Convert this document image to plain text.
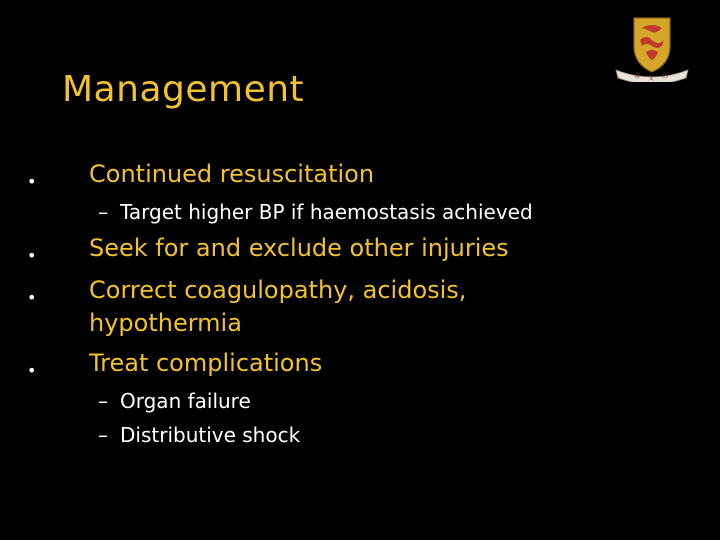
Management	博 文 約
• Continued resuscitation
– Target higher BP if haemostasis achieved
• Seek for and exclude other injuries
• Correct coagulopathy, acidosis,
hypothermia
• Treat complications
– Organ failure
– Distributive shock
